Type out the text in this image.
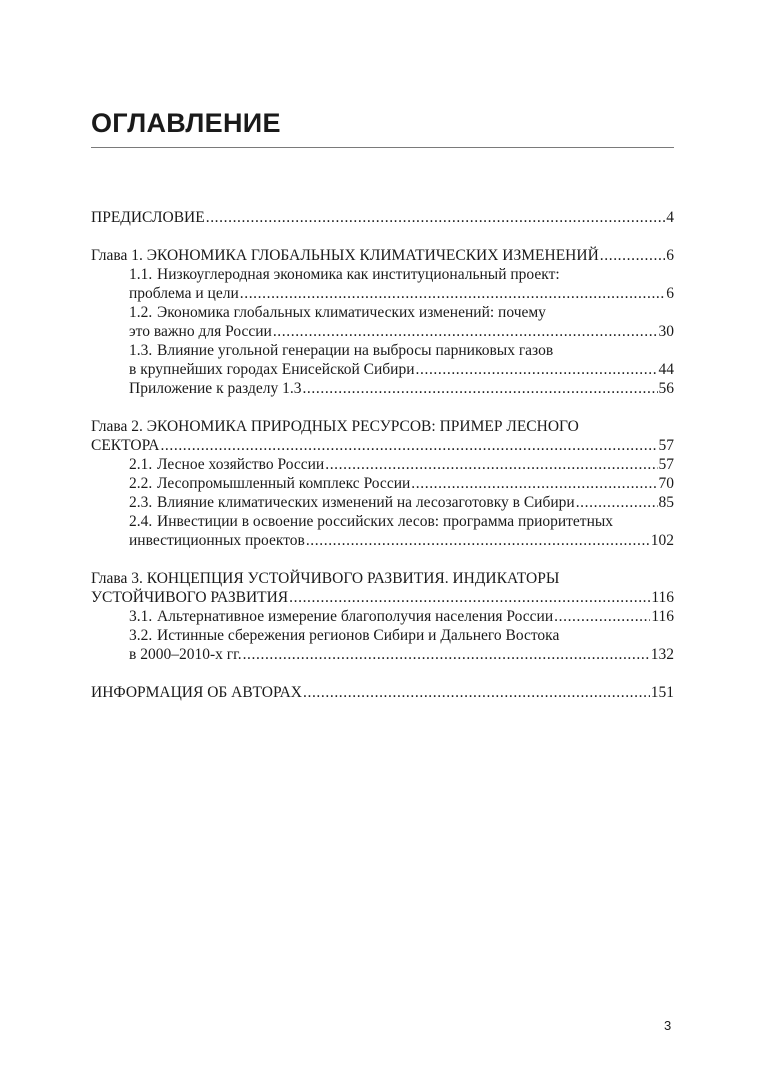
ОГЛАВЛЕНИЕ
ПРЕДИСЛОВИЕ .....	4
Глава 1. ЭКОНОМИКА ГЛОБАЛЬНЫХ КЛИМАТИЧЕСКИХ ИЗМЕНЕНИЙ .....	6
1.1. Низкоуглеродная экономика как институциональный проект:
проблема и цели .....	6
1.2. Экономика глобальных климатических изменений: почему
это важно для России .....	30
1.3. Влияние угольной генерации на выбросы парниковых газов
в крупнейших городах Енисейской Сибири .....	44
Приложение к разделу 1.3 .....	56
Глава 2. ЭКОНОМИКА ПРИРОДНЫХ РЕСУРСОВ: ПРИМЕР ЛЕСНОГО
СЕКТОРА .....	57
2.1. Лесное хозяйство России .....	57
2.2. Лесопромышленный комплекс России .....	70
2.3. Влияние климатических изменений на лесозаготовку в Сибири .....	85
2.4. Инвестиции в освоение российских лесов: программа приоритетных
инвестиционных проектов .....	102
Глава 3. КОНЦЕПЦИЯ УСТОЙЧИВОГО РАЗВИТИЯ. ИНДИКАТОРЫ
УСТОЙЧИВОГО РАЗВИТИЯ .....	116
3.1. Альтернативное измерение благополучия населения России .....	116
3.2. Истинные сбережения регионов Сибири и Дальнего Востока
в 2000–2010-х гг. .....	132
ИНФОРМАЦИЯ ОБ АВТОРАХ .....	151
3
